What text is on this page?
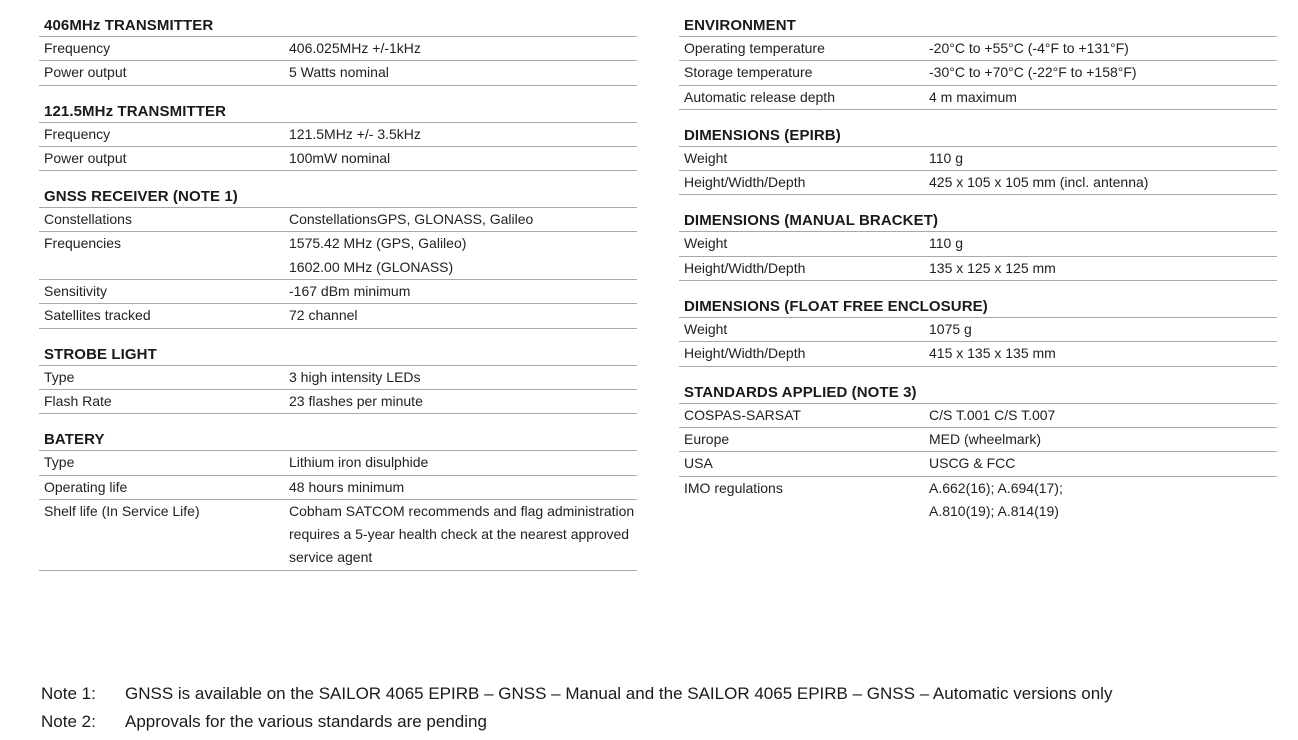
406MHz TRANSMITTER
Frequency	406.025MHz +/-1kHz
Power output	5 Watts nominal
121.5MHz TRANSMITTER
Frequency	121.5MHz +/- 3.5kHz
Power output	100mW nominal
GNSS RECEIVER (NOTE 1)
Constellations	ConstellationsGPS, GLONASS, Galileo
Frequencies	1575.42 MHz (GPS, Galileo)
1602.00 MHz (GLONASS)
Sensitivity	-167 dBm minimum
Satellites tracked	72 channel
STROBE LIGHT
Type	3 high intensity LEDs
Flash Rate	23 flashes per minute
BATERY
Type	Lithium iron disulphide
Operating life	48 hours minimum
Shelf life (In Service Life)	Cobham SATCOM recommends and flag administration
requires a 5-year health check at the nearest approved
service agent
ENVIRONMENT
Operating temperature	-20°C to +55°C (-4°F to +131°F)
Storage temperature	-30°C to +70°C (-22°F to +158°F)
Automatic release depth	4 m maximum
DIMENSIONS (EPIRB)
Weight	110 g
Height/Width/Depth	425 x 105 x 105 mm (incl. antenna)
DIMENSIONS (MANUAL BRACKET)
Weight	110 g
Height/Width/Depth	135 x 125 x 125 mm
DIMENSIONS (FLOAT FREE ENCLOSURE)
Weight	1075 g
Height/Width/Depth	415 x 135 x 135 mm
STANDARDS APPLIED (NOTE 3)
COSPAS-SARSAT	C/S T.001 C/S T.007
Europe	MED (wheelmark)
USA	USCG & FCC
IMO regulations	A.662(16); A.694(17);
A.810(19); A.814(19)
Note 1:	GNSS is available on the SAILOR 4065 EPIRB – GNSS – Manual and the SAILOR 4065 EPIRB – GNSS – Automatic versions only
Note 2:	Approvals for the various standards are pending
